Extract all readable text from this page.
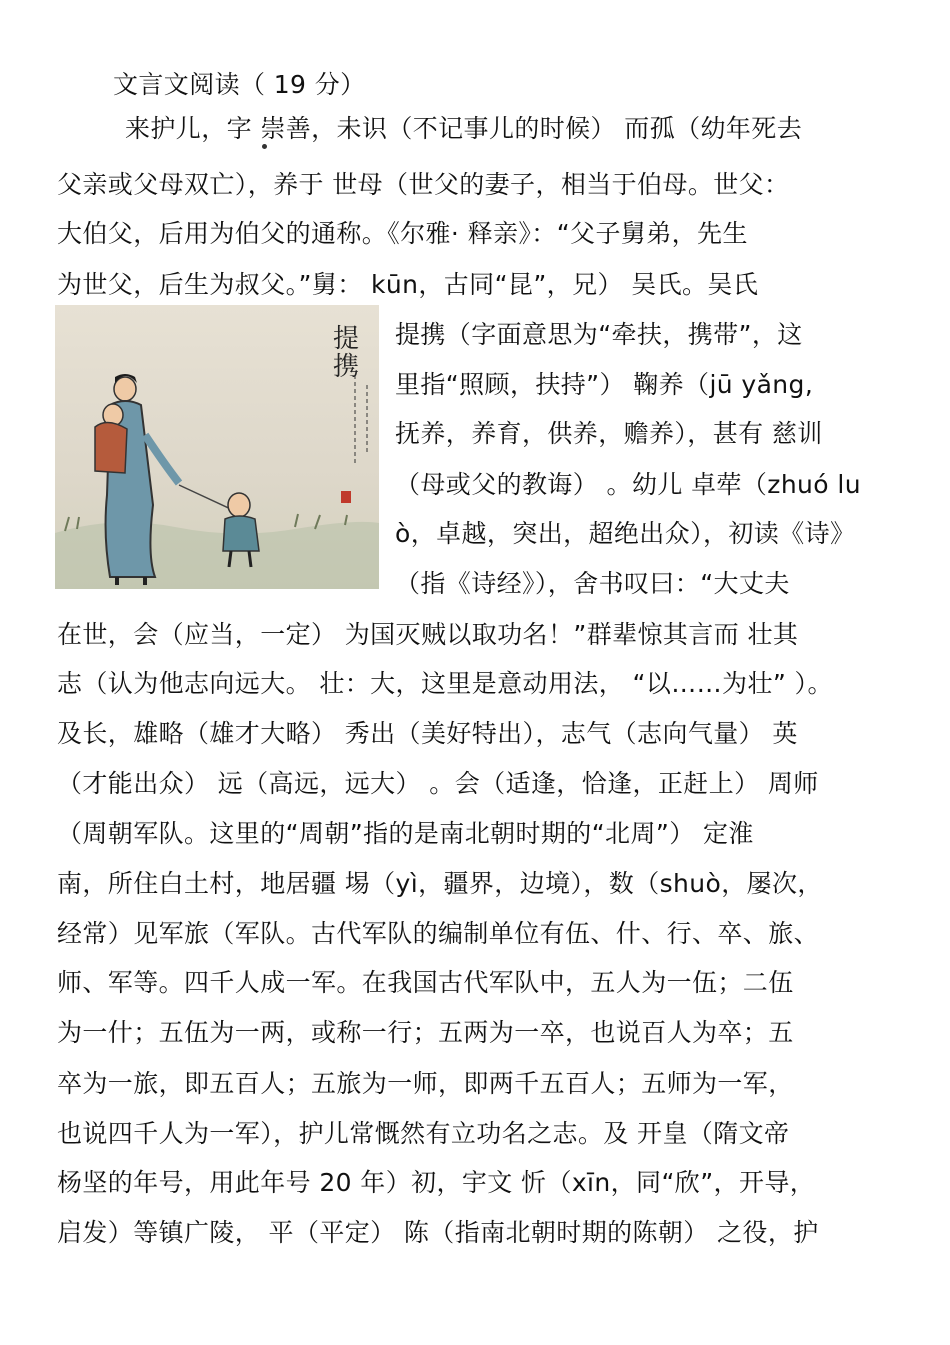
文言文阅读（ 19 分）
来护儿，字 崇善，未识（不记事儿的时候） 而孤（幼年死去
父亲或父母双亡），养于 世母（世父的妻子，相当于伯母。世父：
大伯父，后用为伯父的通称。《尔雅· 释亲》：“父子舅弟，先生
为世父，后生为叔父。”舅： kūn，古同“昆”，兄） 吴氏。吴氏
提
携
提携（字面意思为“牵扶，携带”，这
里指“照顾，扶持”） 鞠养（jū yǎng,
抚养，养育，供养，赡养），甚有 慈训
（母或父的教诲） 。幼儿 卓荦（zhuó lu
ò，卓越，突出，超绝出众），初读《诗》
（指《诗经》），舍书叹曰：“大丈夫
在世，会（应当，一定） 为国灭贼以取功名！”群辈惊其言而 壮其
志（认为他志向远大。 壮：大，这里是意动用法， “以……为壮” ）。
及长，雄略（雄才大略） 秀出（美好特出），志气（志向气量） 英
（才能出众） 远（高远，远大） 。会（适逢，恰逢，正赶上） 周师
（周朝军队。这里的“周朝”指的是南北朝时期的“北周”） 定淮
南，所住白土村，地居疆 埸（yì，疆界，边境），数（shuò，屡次，
经常）见军旅（军队。古代军队的编制单位有伍、什、行、卒、旅、
师、军等。四千人成一军。在我国古代军队中，五人为一伍；二伍
为一什；五伍为一两，或称一行；五两为一卒，也说百人为卒；五
卒为一旅，即五百人；五旅为一师，即两千五百人；五师为一军，
也说四千人为一军），护儿常慨然有立功名之志。及 开皇（隋文帝
杨坚的年号，用此年号 20 年）初，宇文 忻（xīn，同“欣”，开导，
启发）等镇广陵， 平（平定） 陈（指南北朝时期的陈朝） 之役，护
